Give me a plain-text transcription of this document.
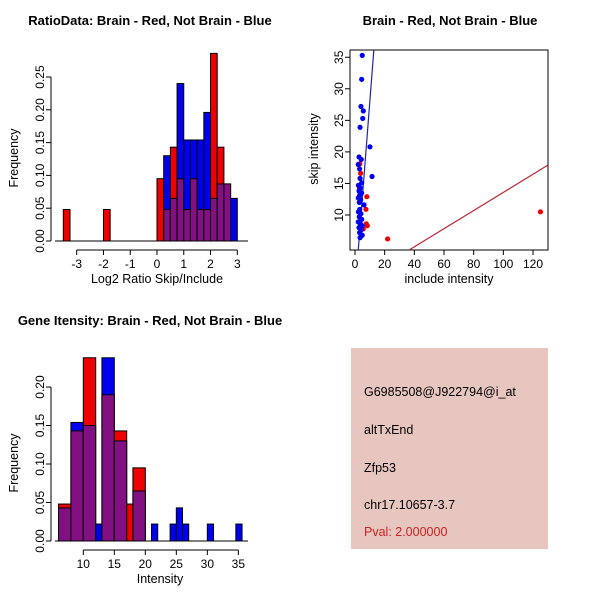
RatioData: Brain - Red, Not Brain - Blue
Frequency
Log2 Ratio Skip/Include
-3 -2 -1 0 1 2 3
0.00
0.05
0.10
0.15
0.20
0.25
Brain - Red, Not Brain - Blue
skip intensity
include intensity
0 20 40 60 80 100 120
10
15
20
25
30
35
Gene Itensity: Brain - Red, Not Brain - Blue
Frequency
Intensity
10 15 20 25 30 35
0.00
0.05
0.10
0.15
0.20	G6985508@J922794@i_at
altTxEnd
Zfp53
chr17.10657-3.7
Pval: 2.000000
